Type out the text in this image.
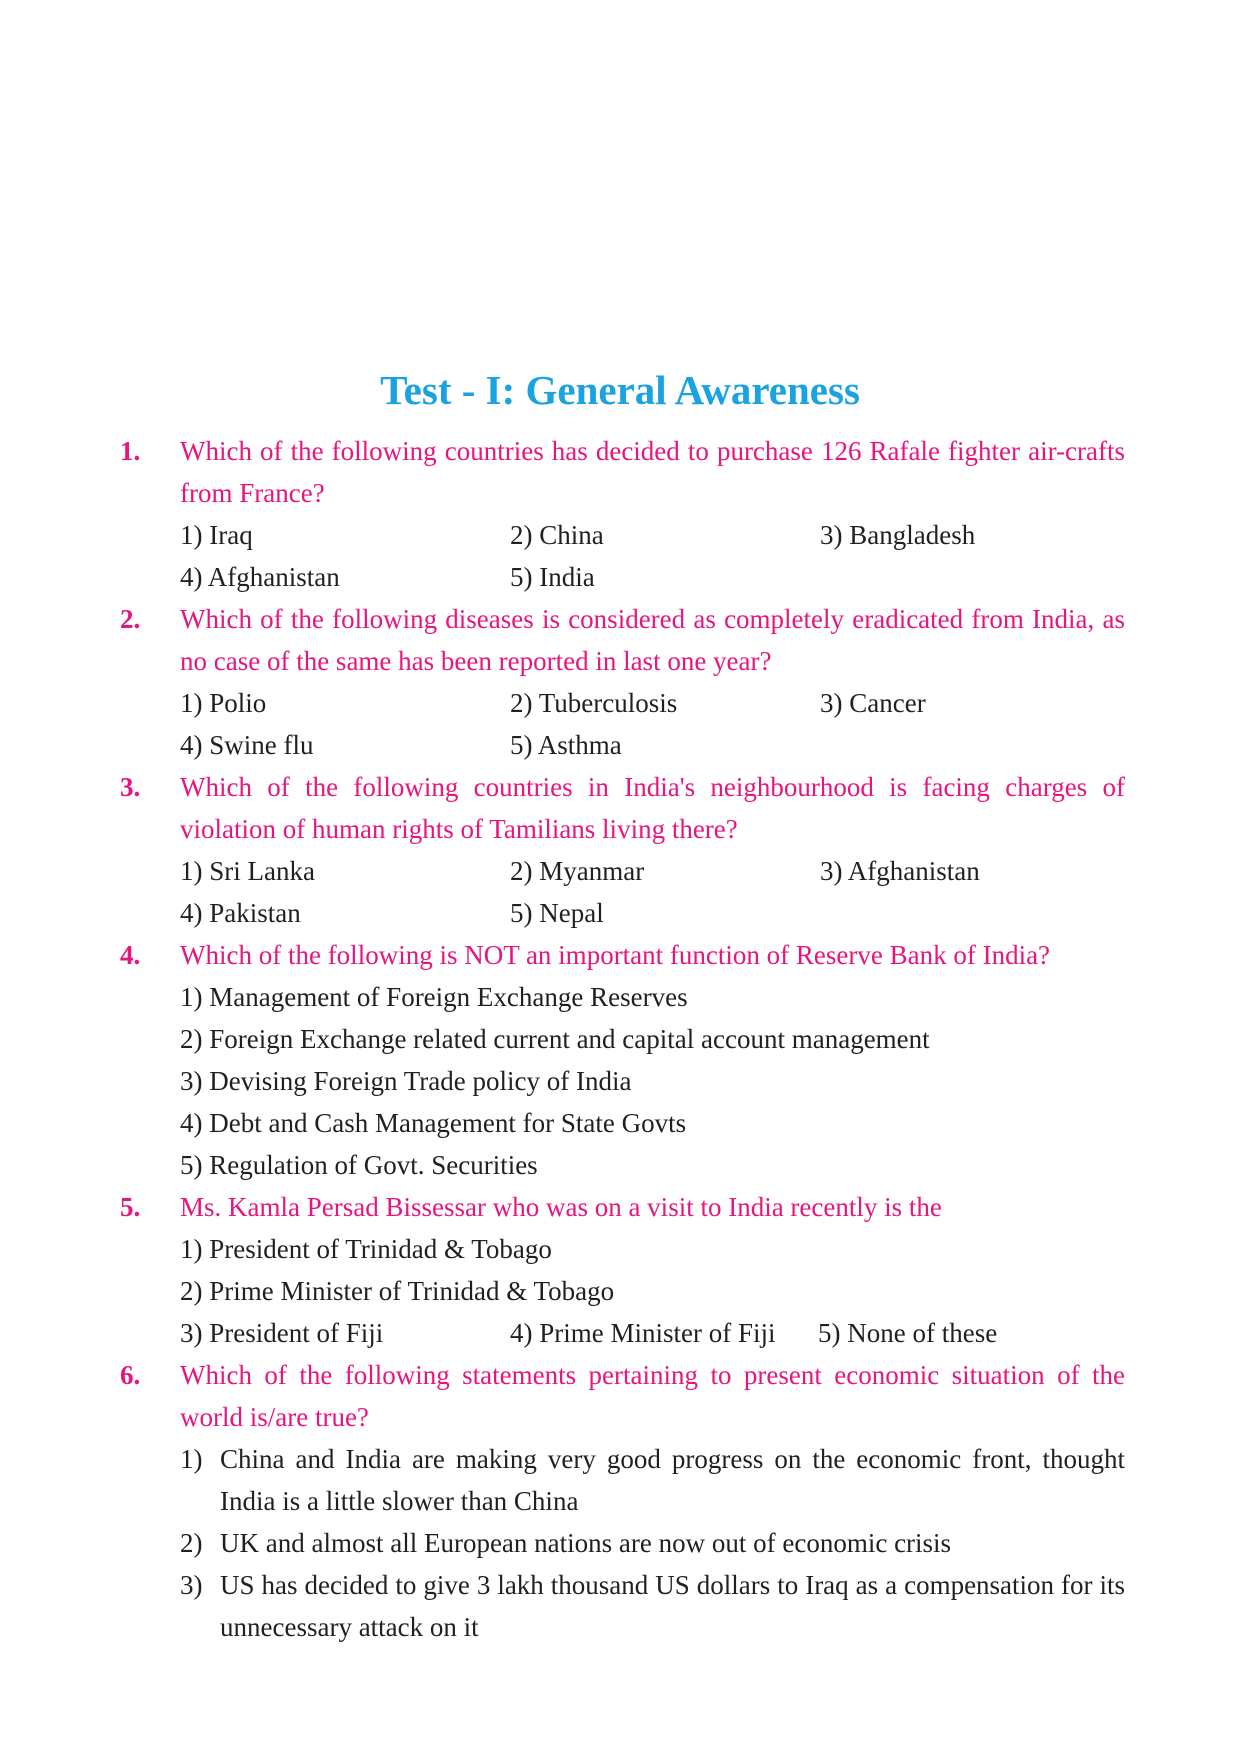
Test - I: General Awareness
1. Which of the following countries has decided to purchase 126 Rafale fighter air-crafts from France?
1) Iraq	2) China	3) Bangladesh
4) Afghanistan	5) India
2. Which of the following diseases is considered as completely eradicated from India, as no case of the same has been reported in last one year?
1) Polio	2) Tuberculosis	3) Cancer
4) Swine flu	5) Asthma
3. Which of the following countries in India's neighbourhood is facing charges of violation of human rights of Tamilians living there?
1) Sri Lanka	2) Myanmar	3) Afghanistan
4) Pakistan	5) Nepal
4. Which of the following is NOT an important function of Reserve Bank of India?
1) Management of Foreign Exchange Reserves
2) Foreign Exchange related current and capital account management
3) Devising Foreign Trade policy of India
4) Debt and Cash Management for State Govts
5) Regulation of Govt. Securities
5. Ms. Kamla Persad Bissessar who was on a visit to India recently is the
1) President of Trinidad & Tobago
2) Prime Minister of Trinidad & Tobago
3) President of Fiji	4) Prime Minister of Fiji	5) None of these
6. Which of the following statements pertaining to present economic situation of the world is/are true?
1) China and India are making very good progress on the economic front, thought India is a little slower than China
2) UK and almost all European nations are now out of economic crisis
3) US has decided to give 3 lakh thousand US dollars to Iraq as a compensation for its unnecessary attack on it
